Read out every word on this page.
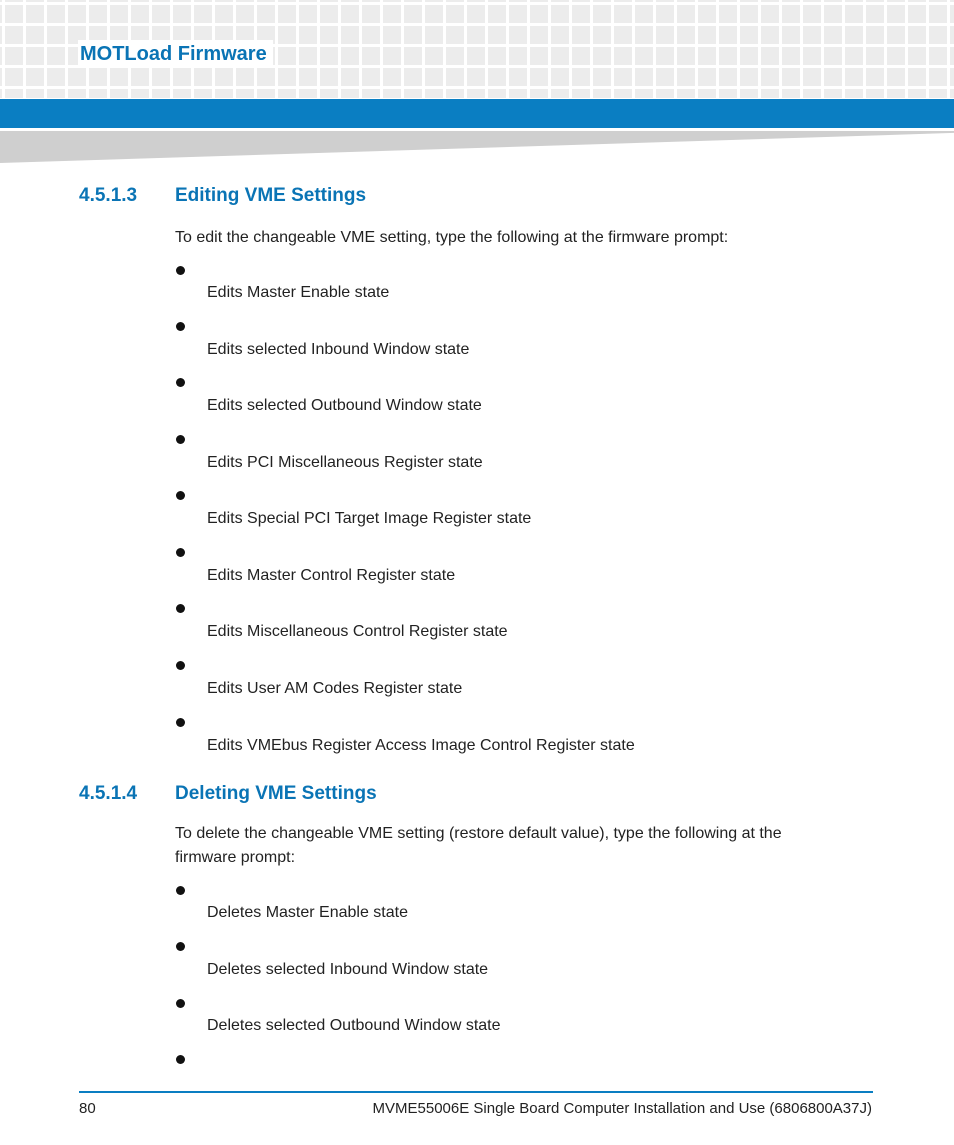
MOTLoad Firmware
4.5.1.3 Editing VME Settings
To edit the changeable VME setting, type the following at the firmware prompt:
Edits Master Enable state
Edits selected Inbound Window state
Edits selected Outbound Window state
Edits PCI Miscellaneous Register state
Edits Special PCI Target Image Register state
Edits Master Control Register state
Edits Miscellaneous Control Register state
Edits User AM Codes Register state
Edits VMEbus Register Access Image Control Register state
4.5.1.4 Deleting VME Settings
To delete the changeable VME setting (restore default value), type the following at the
firmware prompt:
Deletes Master Enable state
Deletes selected Inbound Window state
Deletes selected Outbound Window state
80	MVME55006E Single Board Computer Installation and Use (6806800A37J)
